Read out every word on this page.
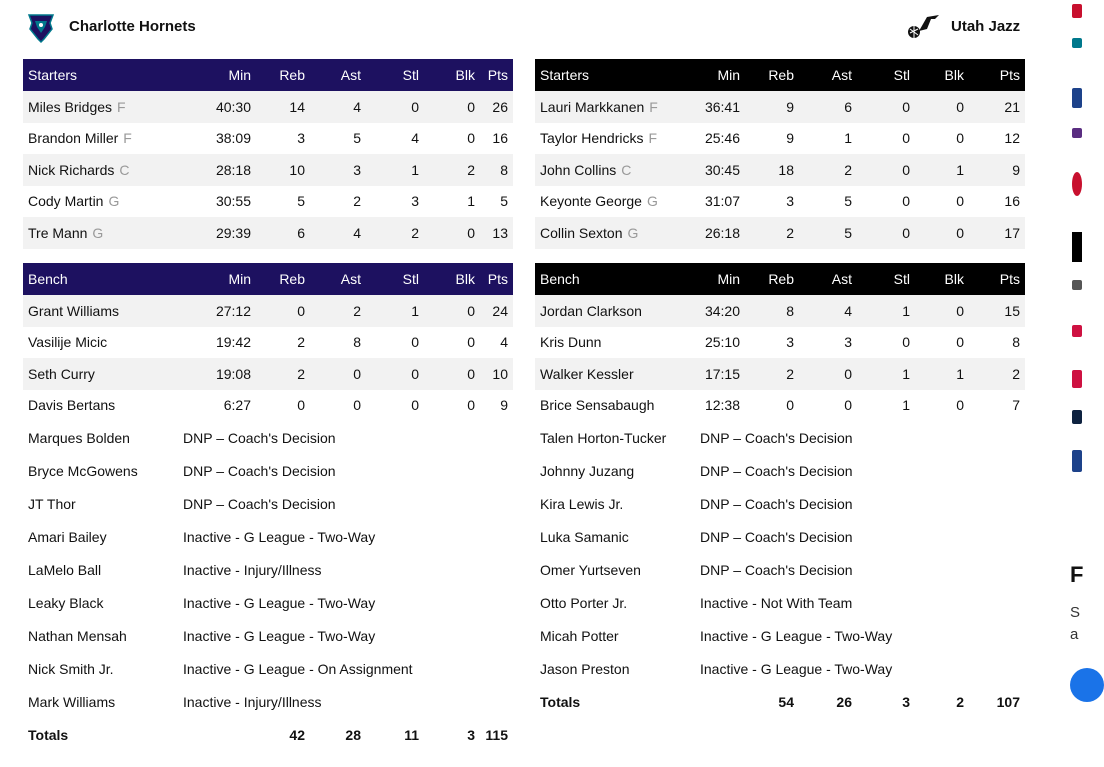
Charlotte Hornets	Utah Jazz
Starters	Min	Reb	Ast	Stl	Blk	Pts
Miles Bridges F	40:30	14	4	0	0	26
Brandon Miller F	38:09	3	5	4	0	16
Nick Richards C	28:18	10	3	1	2	8
Cody Martin G	30:55	5	2	3	1	5
Tre Mann G	29:39	6	4	2	0	13
Bench	Min	Reb	Ast	Stl	Blk	Pts
Grant Williams	27:12	0	2	1	0	24
Vasilije Micic	19:42	2	8	0	0	4
Seth Curry	19:08	2	0	0	0	10
Davis Bertans	6:27	0	0	0	0	9
Marques Bolden	DNP – Coach's Decision					
Bryce McGowens	DNP – Coach's Decision					
JT Thor	DNP – Coach's Decision					
Amari Bailey	Inactive - G League - Two-Way					
LaMelo Ball	Inactive - Injury/Illness					
Leaky Black	Inactive - G League - Two-Way					
Nathan Mensah	Inactive - G League - Two-Way					
Nick Smith Jr.	Inactive - G League - On Assignment					
Mark Williams	Inactive - Injury/Illness					
Totals		42	28	11	3	115
Starters	Min	Reb	Ast	Stl	Blk	Pts
Lauri Markkanen F	36:41	9	6	0	0	21
Taylor Hendricks F	25:46	9	1	0	0	12
John Collins C	30:45	18	2	0	1	9
Keyonte George G	31:07	3	5	0	0	16
Collin Sexton G	26:18	2	5	0	0	17
Bench	Min	Reb	Ast	Stl	Blk	Pts
Jordan Clarkson	34:20	8	4	1	0	15
Kris Dunn	25:10	3	3	0	0	8
Walker Kessler	17:15	2	0	1	1	2
Brice Sensabaugh	12:38	0	0	1	0	7
Talen Horton-Tucker	DNP – Coach's Decision					
Johnny Juzang	DNP – Coach's Decision					
Kira Lewis Jr.	DNP – Coach's Decision					
Luka Samanic	DNP – Coach's Decision					
Omer Yurtseven	DNP – Coach's Decision					
Otto Porter Jr.	Inactive - Not With Team					
Micah Potter	Inactive - G League - Two-Way					
Jason Preston	Inactive - G League - Two-Way					
Totals		54	26	3	2	107
F
S
a
